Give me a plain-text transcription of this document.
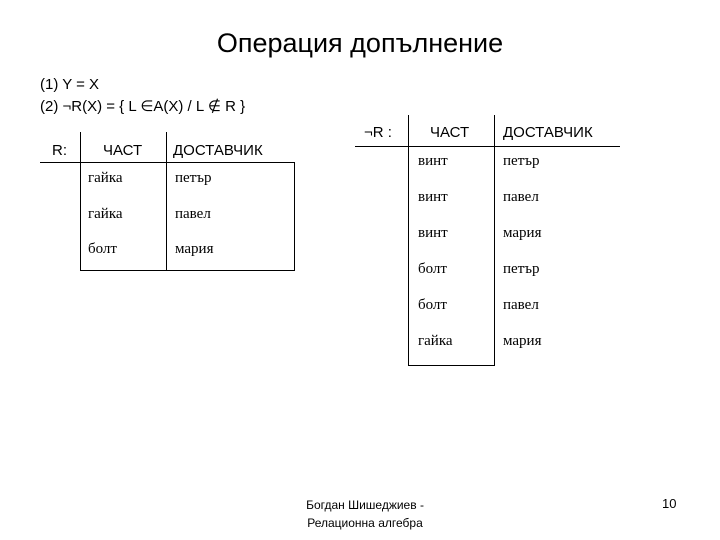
Операция допълнение
(1) Y = X
(2) ¬R(X) = { L ∈A(X) / L ∉ R }
R: ЧАСТ ДОСТАВЧИК
гайка	петър
гайка	павел
болт	мария
¬R :	ЧАСТ ДОСТАВЧИК
винт	петър
винт	павел
винт	мария
болт	петър
болт	павел
гайка	мария
Богдан Шишеджиев -
Релационна алгебра
10
